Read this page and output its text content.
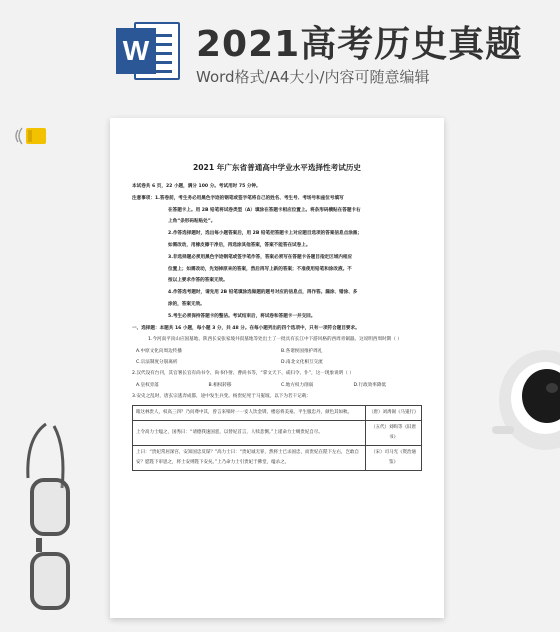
W 2021高考历史真题
Word格式/A4大小/内容可随意编辑
2021 年广东省普通高中学业水平选择性考试历史
本试卷共 6 页，22 小题，满分 100 分。考试用时 75 分钟。
注意事项：1.答卷前，考生务必用黑色字迹的钢笔或签字笔将自己的姓名、考生号、考场号和座位号填写
在答题卡上。用 2B 铅笔将试卷类型（A）填涂在答题卡相应位置上。将条形码横贴在答题卡右
上角“条形码粘贴处”。
2.作答选择题时，选出每小题答案后，用 2B 铅笔把答题卡上对应题目选项的答案信息点涂黑；
如需改动，用橡皮擦干净后，再选涂其他答案，答案不能答在试卷上。
3.非选择题必须用黑色字迹钢笔或签字笔作答，答案必须写在答题卡各题目指定区域内相应
位置上；如需改动，先划掉原来的答案，然后再写上新的答案；不准使用铅笔和涂改液。不
按以上要求作答的答案无效。
4.作答选考题时，请先用 2B 铅笔填涂选做题的题号对应的信息点，再作答。漏涂、错涂、多
涂的，答案无效。
5.考生必须保持答题卡的整洁。考试结束后，将试卷和答题卡一并交回。
一、选择题：本题共 16 小题，每小题 3 分，共 48 分。在每小题列出的四个选项中，只有一项符合题目要求。
1.今河南平顶山应国墓地、陕西长安张家坡井叔墓地等处出土了一批具有长江中下游风格的西周青铜器。这说明西周时期（ ）
A.中原文化向周边传播	B.各诸侯国推护周礼
C.宗法制度分崩离析	D.南北文化相互交流
2.汉代设有台刊，其官署长官有尚书令、尚书仆射、曹尚书等，“掌文天下、咸归令、仆”，这一现象说明（ ）
A.皇权旁落	B.相权转移	C.地方权力削弱	D.行政效率降低
3.安史之乱时，唐玄宗逃奔成都，途中发生兵变。杨贵妃死于马嵬坡。以下为若干记载：
睹这林贵人，权高三四？乃问尊中其，曾言来殒时一一妾人饮金钏，楼恣将美豪。平生服忠丹，颜色其如秋。	（唐）刘禹锡《马嵬行》
上令高力士缢之，国秀曰：“请德我速国恶，以替妃首言，人犊悲惻。”上谨命力士赐贵妃自尽。	（五代）刘昫等《旧唐书》
上曰：“贵妃常居深宫，安知国忠反谋？”高力士曰：“贵妃诚无罪，然将士已杀国忠，而贵妃在陛下左右，岂敢自安？愿陛下审思之，将士安则陛下安矣。”上乃命力士引贵妃于佛堂，缢杀之。	（宋）司马光《资治通鉴》
